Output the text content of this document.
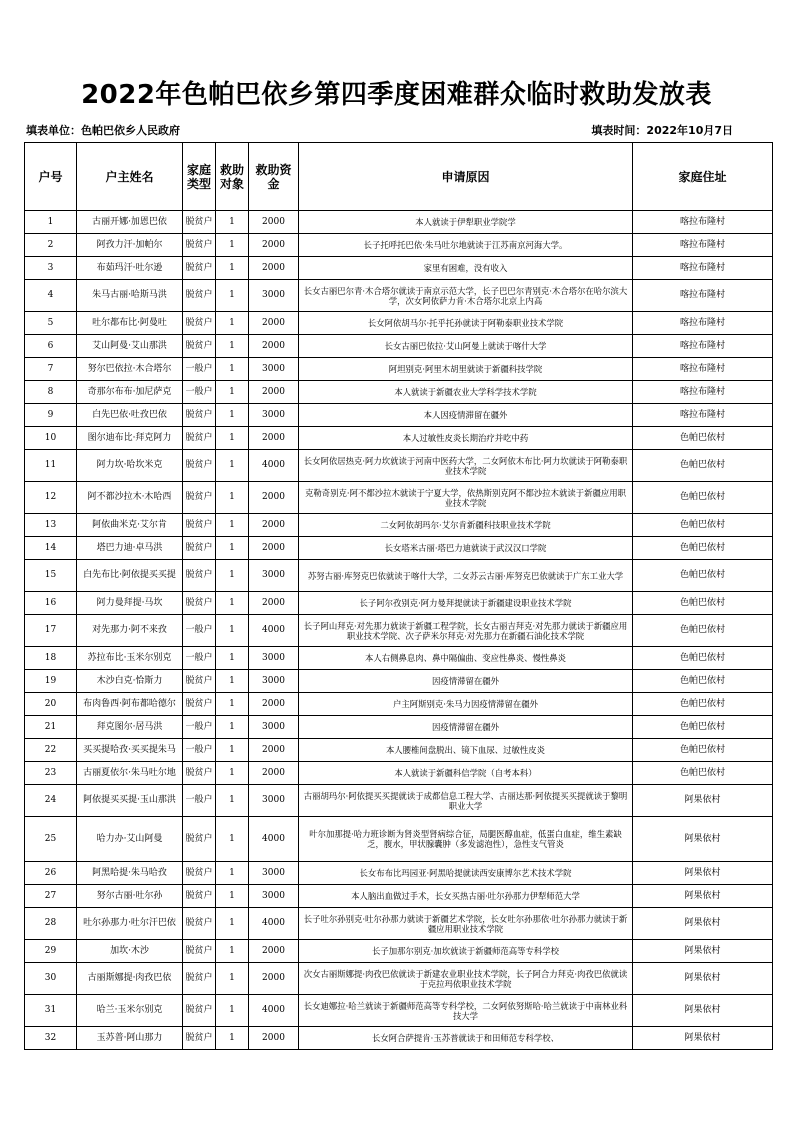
2022年色帕巴依乡第四季度困难群众临时救助发放表
填表单位：色帕巴依乡人民政府	填表时间：2022年10月7日
户号	户主姓名	家庭类型	救助对象	救助资金	申请原因	家庭住址
1	古丽开娜·加恩巴依	脱贫户	1	2000	本人就读于伊犁职业学院学	喀拉布隆村
2	阿孜力汗·加帕尔	脱贫户	1	2000	长子托呼托巴依·朱马吐尔地就读于江苏南京河海大学。	喀拉布隆村
3	布茹玛汗·吐尔逊	脱贫户	1	2000	家里有困难，没有收入	喀拉布隆村
4	朱马古丽·哈斯马洪	脱贫户	1	3000	长女古丽巴尔青·木合塔尔就读于南京示范大学，长子巴巴尔青别克·木合塔尔在哈尔滨大学，次女阿依萨力肯·木合塔尔北京上内高	喀拉布隆村
5	吐尔都布比·阿曼吐	脱贫户	1	2000	长女阿依胡马尔·托乎托孙就读于阿勒泰职业技术学院	喀拉布隆村
6	艾山阿曼·艾山那洪	脱贫户	1	2000	长女古丽巴依拉·艾山阿曼上就读于喀什大学	喀拉布隆村
7	努尔巴依拉·木合塔尔	一般户	1	3000	阿坦别克·阿里木胡里就读于新疆科技学院	喀拉布隆村
8	奇那尔布布·加尼萨克	一般户	1	2000	本人就读于新疆农业大学科学技术学院	喀拉布隆村
9	白先巴依·吐孜巴依	脱贫户	1	3000	本人因疫情滞留在疆外	喀拉布隆村
10	图尔迪布比·拜克阿力	脱贫户	1	2000	本人过敏性皮炎长期治疗并吃中药	色帕巴依村
11	阿力坎·哈坎米克	脱贫户	1	4000	长女阿依居热克·阿力坎就读于河南中医药大学，二女阿依木布比·阿力坎就读于阿勒泰职业技术学院	色帕巴依村
12	阿不都沙拉木·木哈西	脱贫户	1	2000	克勒奇别克·阿不都沙拉木就读于宁夏大学，依热斯别克阿不都沙拉木就读于新疆应用职业技术学院	色帕巴依村
13	阿依曲米克·艾尔肯	脱贫户	1	2000	二女阿依胡玛尔·艾尔肯新疆科技职业技术学院	色帕巴依村
14	塔巴力迪·卓马洪	脱贫户	1	2000	长女塔米古丽·塔巴力迪就读于武汉汉口学院	色帕巴依村
15	白先布比·阿依提买买提	脱贫户	1	3000	苏努古丽·库努克巴依就读于喀什大学，二女苏云古丽·库努克巴依就读于广东工业大学	色帕巴依村
16	阿力曼拜提·马坎	脱贫户	1	2000	长子阿尔孜别克·阿力曼拜提就读于新疆建设职业技术学院	色帕巴依村
17	对先那力·阿不来孜	一般户	1	4000	长子阿山拜克·对先那力就读于新疆工程学院，长女古丽吉拜克·对先那力就读于新疆应用职业技术学院、次子萨米尔拜克·对先那力在新疆石油化技术学院	色帕巴依村
18	苏拉布比·玉米尔别克	一般户	1	3000	本人右侧鼻息肉、鼻中隔偏曲、变应性鼻炎、慢性鼻炎	色帕巴依村
19	木沙白克·恰斯力	脱贫户	1	3000	因疫情滞留在疆外	色帕巴依村
20	布肉鲁西·阿布都哈德尔	脱贫户	1	2000	户主阿斯别克·朱马力因疫情滞留在疆外	色帕巴依村
21	拜克图尔·居马洪	一般户	1	3000	因疫情滞留在疆外	色帕巴依村
22	买买提哈孜·买买提朱马	一般户	1	2000	本人腰椎间盘脱出、镜下血尿、过敏性皮炎	色帕巴依村
23	古丽夏依尔·朱马吐尔地	脱贫户	1	2000	本人就读于新疆科信学院（自考本科）	色帕巴依村
24	阿依提买买提·玉山那洪	一般户	1	3000	古丽胡玛尔·阿依提买买提就读于成都信息工程大学、古丽达那·阿依提买买提就读于黎明职业大学	阿果依村
25	哈力办·艾山阿曼	脱贫户	1	4000	叶尔加那提·哈力班诊断为肾炎型肾病综合征，局腿医醇血症，低蛋白血症，维生素缺乏，腹水，甲状腺囊肿（多发滤泡性），急性支气管炎	阿果依村
26	阿黑哈提·朱马哈孜	脱贫户	1	3000	长女布布比玛园亚·阿黑哈提就读西安康博尔艺术技术学院	阿果依村
27	努尔古丽·吐尔孙	脱贫户	1	3000	本人脑出血做过手术，长女买热古丽·吐尔孙那力伊犁师范大学	阿果依村
28	吐尔孙那力·吐尔汗巴依	脱贫户	1	4000	长子吐尔孙别克·吐尔孙那力就读于新疆艺术学院，长女吐尔孙那依·吐尔孙那力就读于新疆应用职业技术学院	阿果依村
29	加坎·木沙	脱贫户	1	2000	长子加那尔别克·加坎就读于新疆师范高等专科学校	阿果依村
30	古丽斯娜提·肉孜巴依	脱贫户	1	2000	次女古丽斯娜提·肉孜巴依就读于新建农业职业技术学院，长子阿合力拜克·肉孜巴依就读于克拉玛依职业技术学院	阿果依村
31	哈兰·玉米尔别克	脱贫户	1	4000	长女迪娜拉·哈兰就读于新疆师范高等专科学校，二女阿依努斯哈·哈兰就读于中南林业科技大学	阿果依村
32	玉苏普·阿山那力	脱贫户	1	2000	长女阿合萨提肯·玉苏普就读于和田师范专科学校、	阿果依村
